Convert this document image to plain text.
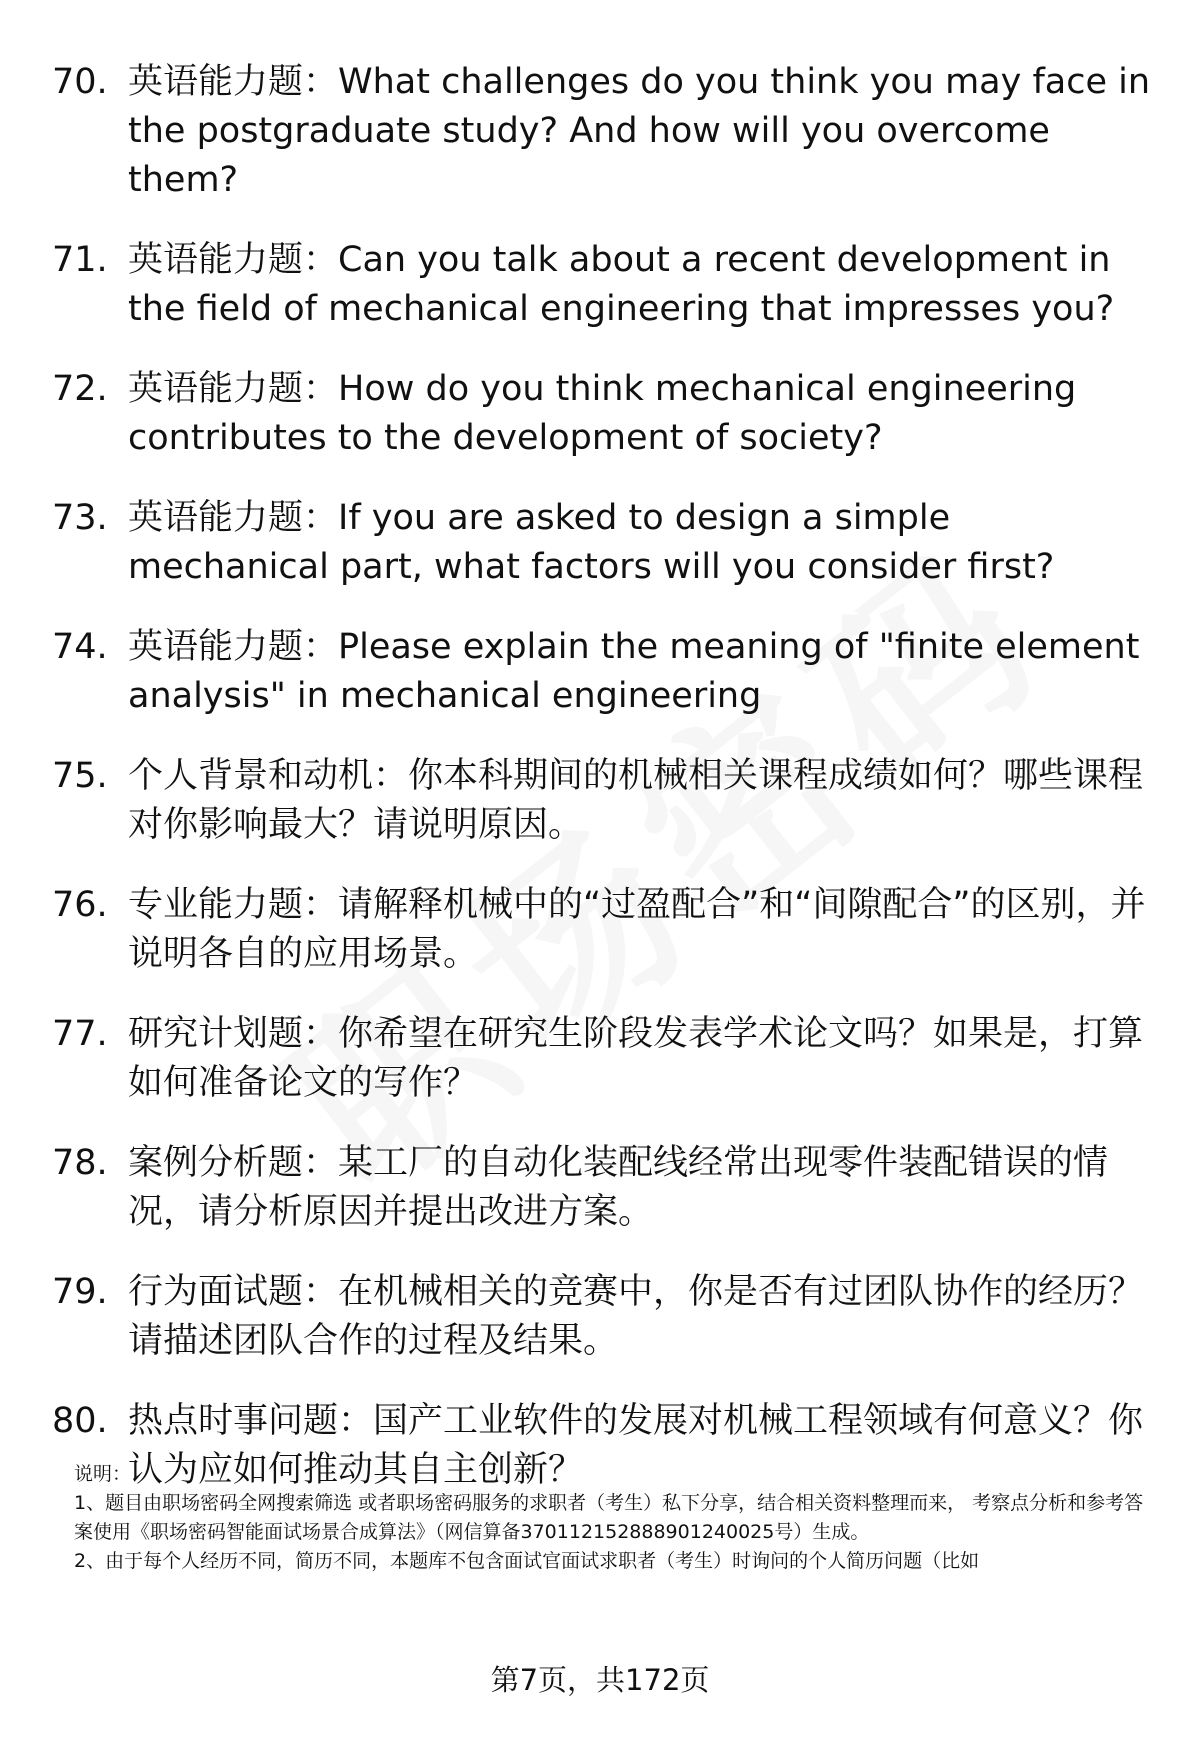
70. 英语能力题：What challenges do you think you may face in the postgraduate study? And how will you overcome them?
71. 英语能力题：Can you talk about a recent development in the field of mechanical engineering that impresses you?
72. 英语能力题：How do you think mechanical engineering contributes to the development of society?
73. 英语能力题：If you are asked to design a simple mechanical part, what factors will you consider first?
74. 英语能力题：Please explain the meaning of "finite element analysis" in mechanical engineering
75. 个人背景和动机：你本科期间的机械相关课程成绩如何？哪些课程对你影响最大？请说明原因。
76. 专业能力题：请解释机械中的“过盈配合”和“间隙配合”的区别，并说明各自的应用场景。
77. 研究计划题：你希望在研究生阶段发表学术论文吗？如果是，打算如何准备论文的写作？
78. 案例分析题：某工厂的自动化装配线经常出现零件装配错误的情况，请分析原因并提出改进方案。
79. 行为面试题：在机械相关的竞赛中，你是否有过团队协作的经历？请描述团队合作的过程及结果。
80. 热点时事问题：国产工业软件的发展对机械工程领域有何意义？你认为应如何推动其自主创新？

说明：

1、题目由职场密码全网搜索筛选 或者职场密码服务的求职者（考生）私下分享，结合相关资料整理而来， 考察点分析和参考答案使用《职场密码智能面试场景合成算法》（网信算备370112152888901240025号）生成。

2、由于每个人经历不同，简历不同，本题库不包含面试官面试求职者（考生）时询问的个人简历问题（比如

第7页，共172页
